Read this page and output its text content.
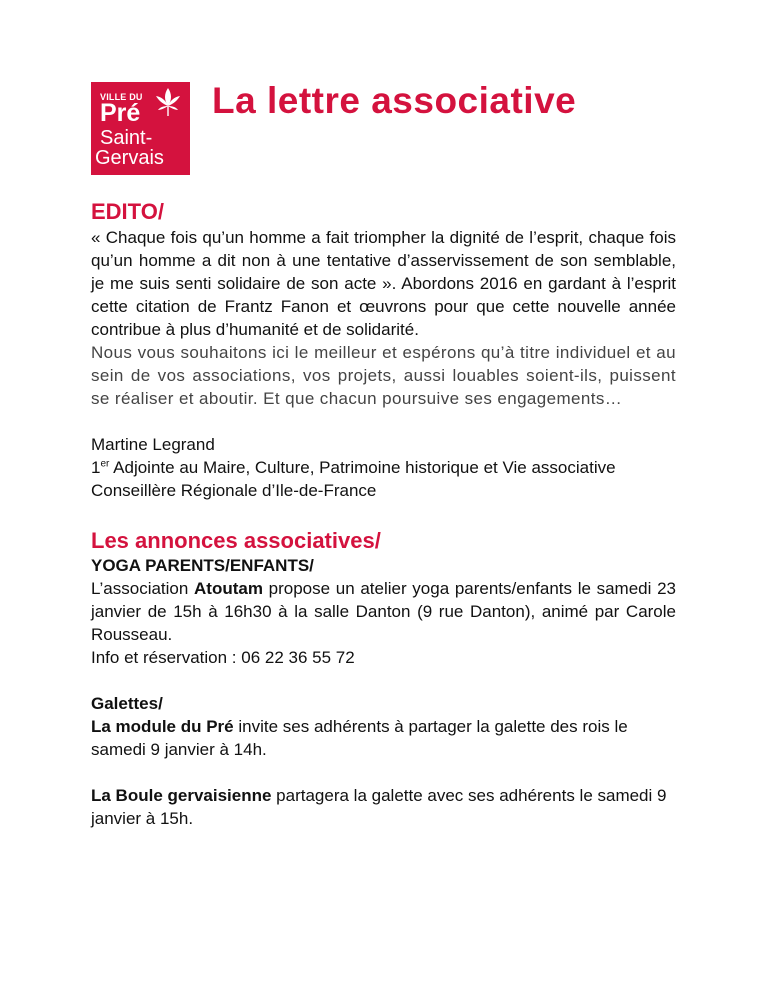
VILLE DU
Pré
Saint-
Gervais
La lettre associative
EDITO/

« Chaque fois qu’un homme a fait triompher la dignité de l’esprit, chaque fois qu’un homme a dit non à une tentative d’asservissement de son semblable, je me suis senti solidaire de son acte ». Abordons 2016 en gardant à l’esprit cette citation de Frantz Fanon et œuvrons pour que cette nouvelle année contribue à plus d’humanité et de solidarité.

Nous vous souhaitons ici le meilleur et espérons qu’à titre individuel et au sein de vos associations, vos projets, aussi louables soient-ils, puissent se réaliser et aboutir. Et que chacun poursuive ses engagements…

Martine Legrand

1er Adjointe au Maire, Culture, Patrimoine historique et Vie associative

Conseillère Régionale d’Ile-de-France

Les annonces associatives/

YOGA PARENTS/ENFANTS/

L’association Atoutam propose un atelier yoga parents/enfants le samedi 23 janvier de 15h à 16h30 à la salle Danton (9 rue Danton), animé par Carole Rousseau.

Info et réservation : 06 22 36 55 72

Galettes/

La module du Pré invite ses adhérents à partager la galette des rois le samedi 9 janvier à 14h.

La Boule gervaisienne partagera la galette avec ses adhérents le samedi 9 janvier à 15h.
